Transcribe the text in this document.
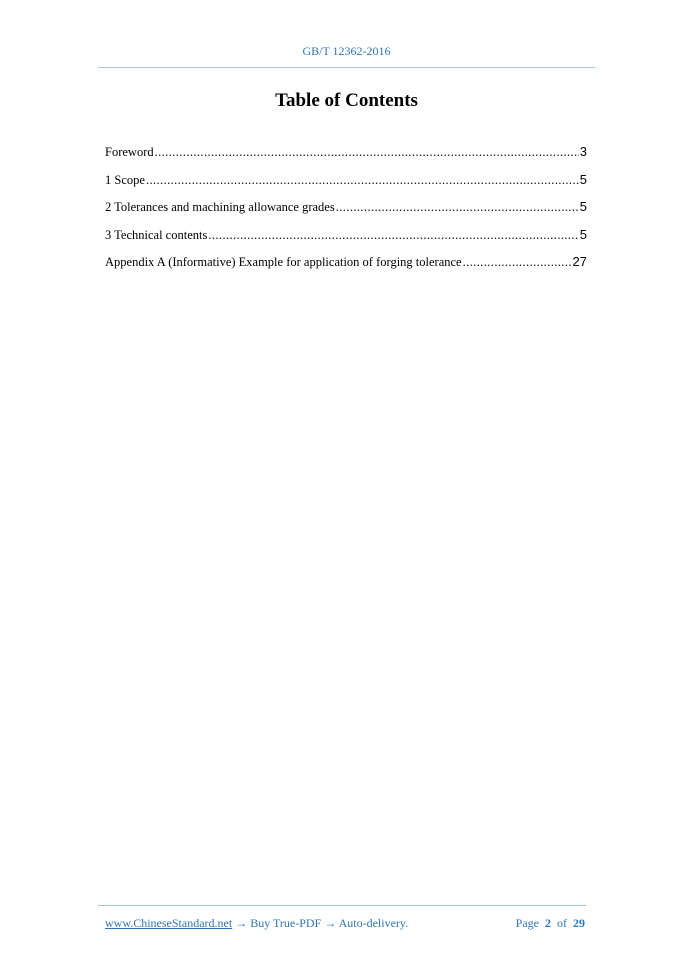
GB/T 12362-2016
Table of Contents
Foreword .....	3
1 Scope .....	5
2 Tolerances and machining allowance grades .....	5
3 Technical contents .....	5
Appendix A (Informative) Example for application of forging tolerance .....	27
www.ChineseStandard.net → Buy True-PDF → Auto-delivery.	Page 2 of 29
